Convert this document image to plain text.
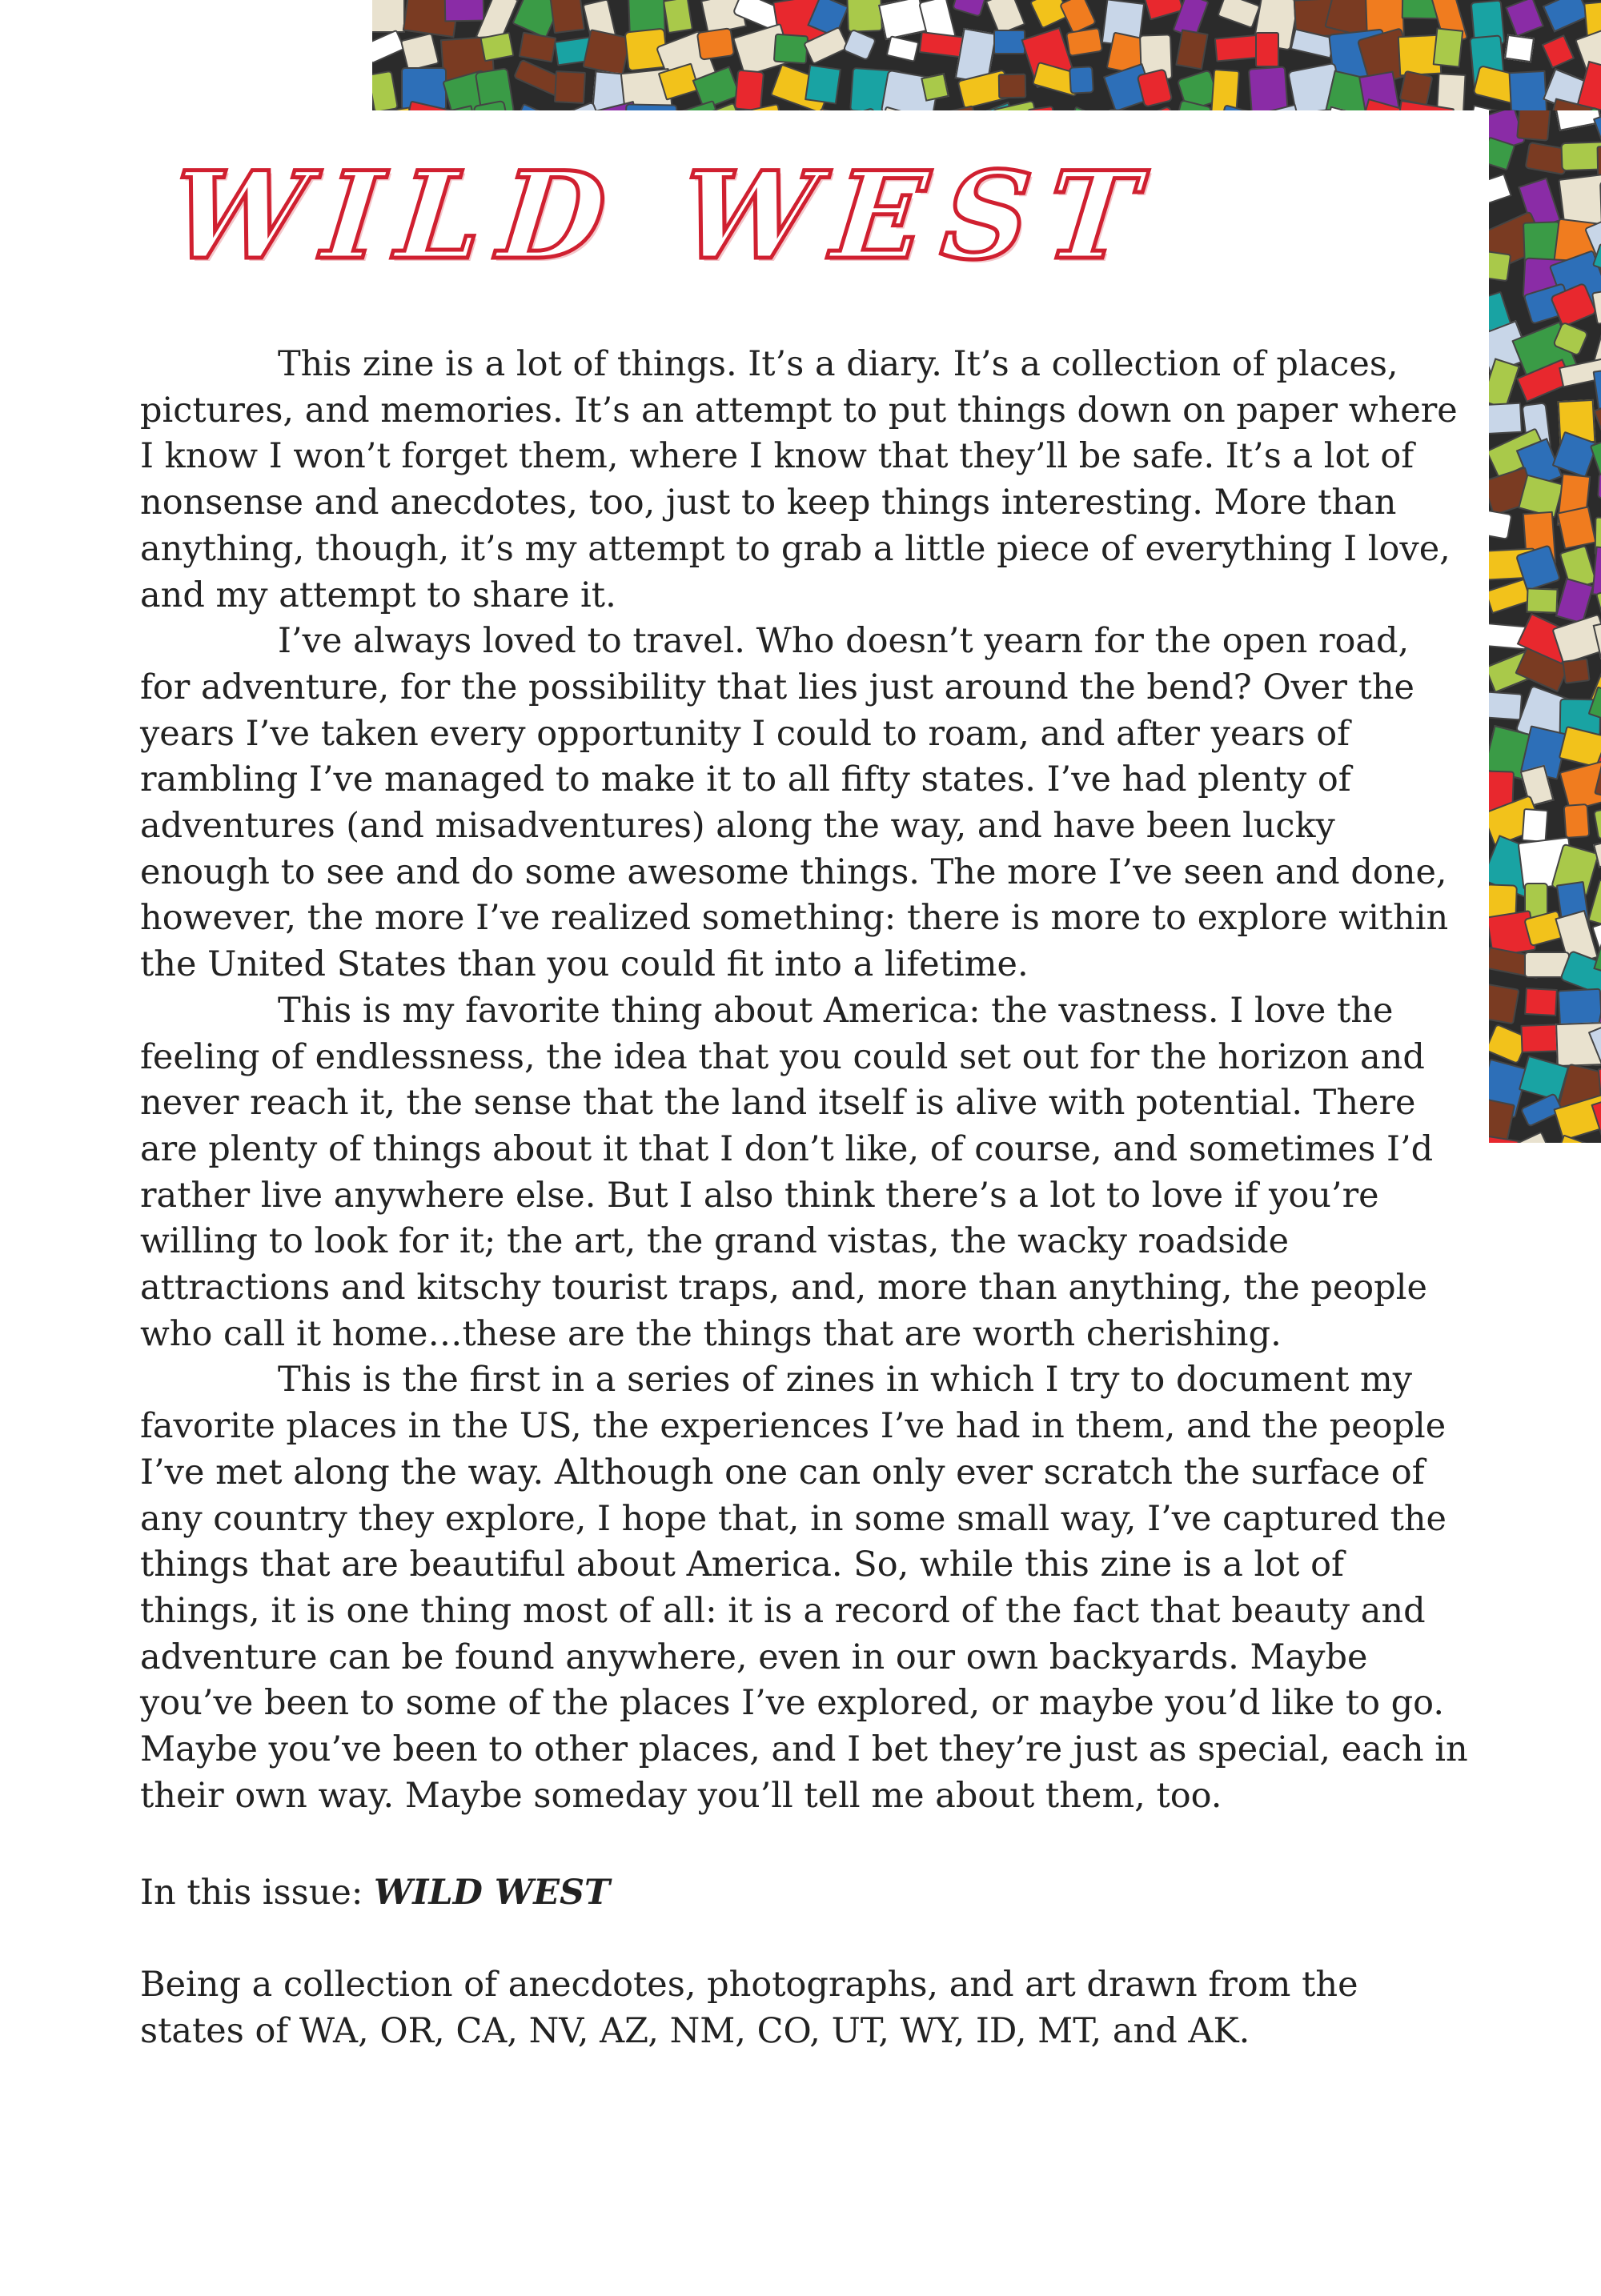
WILD WEST

This zine is a lot of things. It’s a diary. It’s a collection of places, pictures, and memories. It’s an attempt to put things down on paper where I know I won’t forget them, where I know that they’ll be safe. It’s a lot of nonsense and anecdotes, too, just to keep things interesting. More than anything, though, it’s my attempt to grab a little piece of everything I love, and my attempt to share it.

I’ve always loved to travel. Who doesn’t yearn for the open road, for adventure, for the possibility that lies just around the bend? Over the years I’ve taken every opportunity I could to roam, and after years of rambling I’ve managed to make it to all fifty states. I’ve had plenty of adventures (and misadventures) along the way, and have been lucky enough to see and do some awesome things. The more I’ve seen and done, however, the more I’ve realized something: there is more to explore within the United States than you could fit into a lifetime.

This is my favorite thing about America: the vastness. I love the feeling of endlessness, the idea that you could set out for the horizon and never reach it, the sense that the land itself is alive with potential. There are plenty of things about it that I don’t like, of course, and sometimes I’d rather live anywhere else. But I also think there’s a lot to love if you’re willing to look for it; the art, the grand vistas, the wacky roadside attractions and kitschy tourist traps, and, more than anything, the people who call it home…these are the things that are worth cherishing.

This is the first in a series of zines in which I try to document my favorite places in the US, the experiences I’ve had in them, and the people I’ve met along the way. Although one can only ever scratch the surface of any country they explore, I hope that, in some small way, I’ve captured the things that are beautiful about America. So, while this zine is a lot of things, it is one thing most of all: it is a record of the fact that beauty and adventure can be found anywhere, even in our own backyards. Maybe you’ve been to some of the places I’ve explored, or maybe you’d like to go. Maybe you’ve been to other places, and I bet they’re just as special, each in their own way. Maybe someday you’ll tell me about them, too.

In this issue: WILD WEST

Being a collection of anecdotes, photographs, and art drawn from the states of WA, OR, CA, NV, AZ, NM, CO, UT, WY, ID, MT, and AK.
